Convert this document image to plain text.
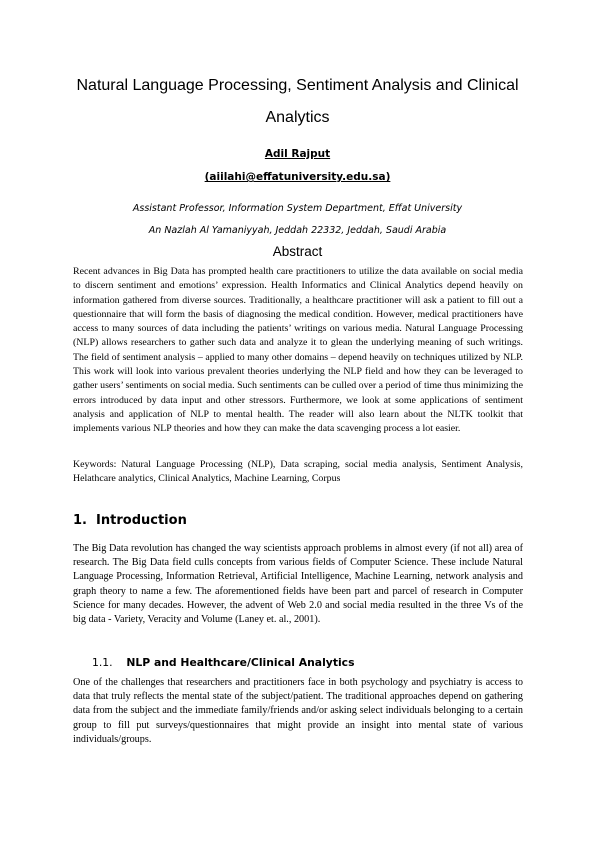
Natural Language Processing, Sentiment Analysis and Clinical
Analytics
Adil Rajput
(aiilahi@effatuniversity.edu.sa)
Assistant Professor, Information System Department, Effat University
An Nazlah Al Yamaniyyah, Jeddah 22332, Jeddah, Saudi Arabia
Abstract

Recent advances in Big Data has prompted health care practitioners to utilize the data available on social media to discern sentiment and emotions’ expression. Health Informatics and Clinical Analytics depend heavily on information gathered from diverse sources. Traditionally, a healthcare practitioner will ask a patient to fill out a questionnaire that will form the basis of diagnosing the medical condition. However, medical practitioners have access to many sources of data including the patients’ writings on various media. Natural Language Processing (NLP) allows researchers to gather such data and analyze it to glean the underlying meaning of such writings. The field of sentiment analysis – applied to many other domains – depend heavily on techniques utilized by NLP. This work will look into various prevalent theories underlying the NLP field and how they can be leveraged to gather users’ sentiments on social media. Such sentiments can be culled over a period of time thus minimizing the errors introduced by data input and other stressors. Furthermore, we look at some applications of sentiment analysis and application of NLP to mental health. The reader will also learn about the NLTK toolkit that implements various NLP theories and how they can make the data scavenging process a lot easier.

Keywords: Natural Language Processing (NLP), Data scraping, social media analysis, Sentiment Analysis, Helathcare analytics, Clinical Analytics, Machine Learning, Corpus

1. Introduction

The Big Data revolution has changed the way scientists approach problems in almost every (if not all) area of research. The Big Data field culls concepts from various fields of Computer Science. These include Natural Language Processing, Information Retrieval, Artificial Intelligence, Machine Learning, network analysis and graph theory to name a few. The aforementioned fields have been part and parcel of research in Computer Science for many decades. However, the advent of Web 2.0 and social media resulted in the three Vs of the big data - Variety, Veracity and Volume (Laney et. al., 2001).

1.1. NLP and Healthcare/Clinical Analytics

One of the challenges that researchers and practitioners face in both psychology and psychiatry is access to data that truly reflects the mental state of the subject/patient. The traditional approaches depend on gathering data from the subject and the immediate family/friends and/or asking select individuals belonging to a certain group to fill put surveys/questionnaires that might provide an insight into mental state of various individuals/groups.
